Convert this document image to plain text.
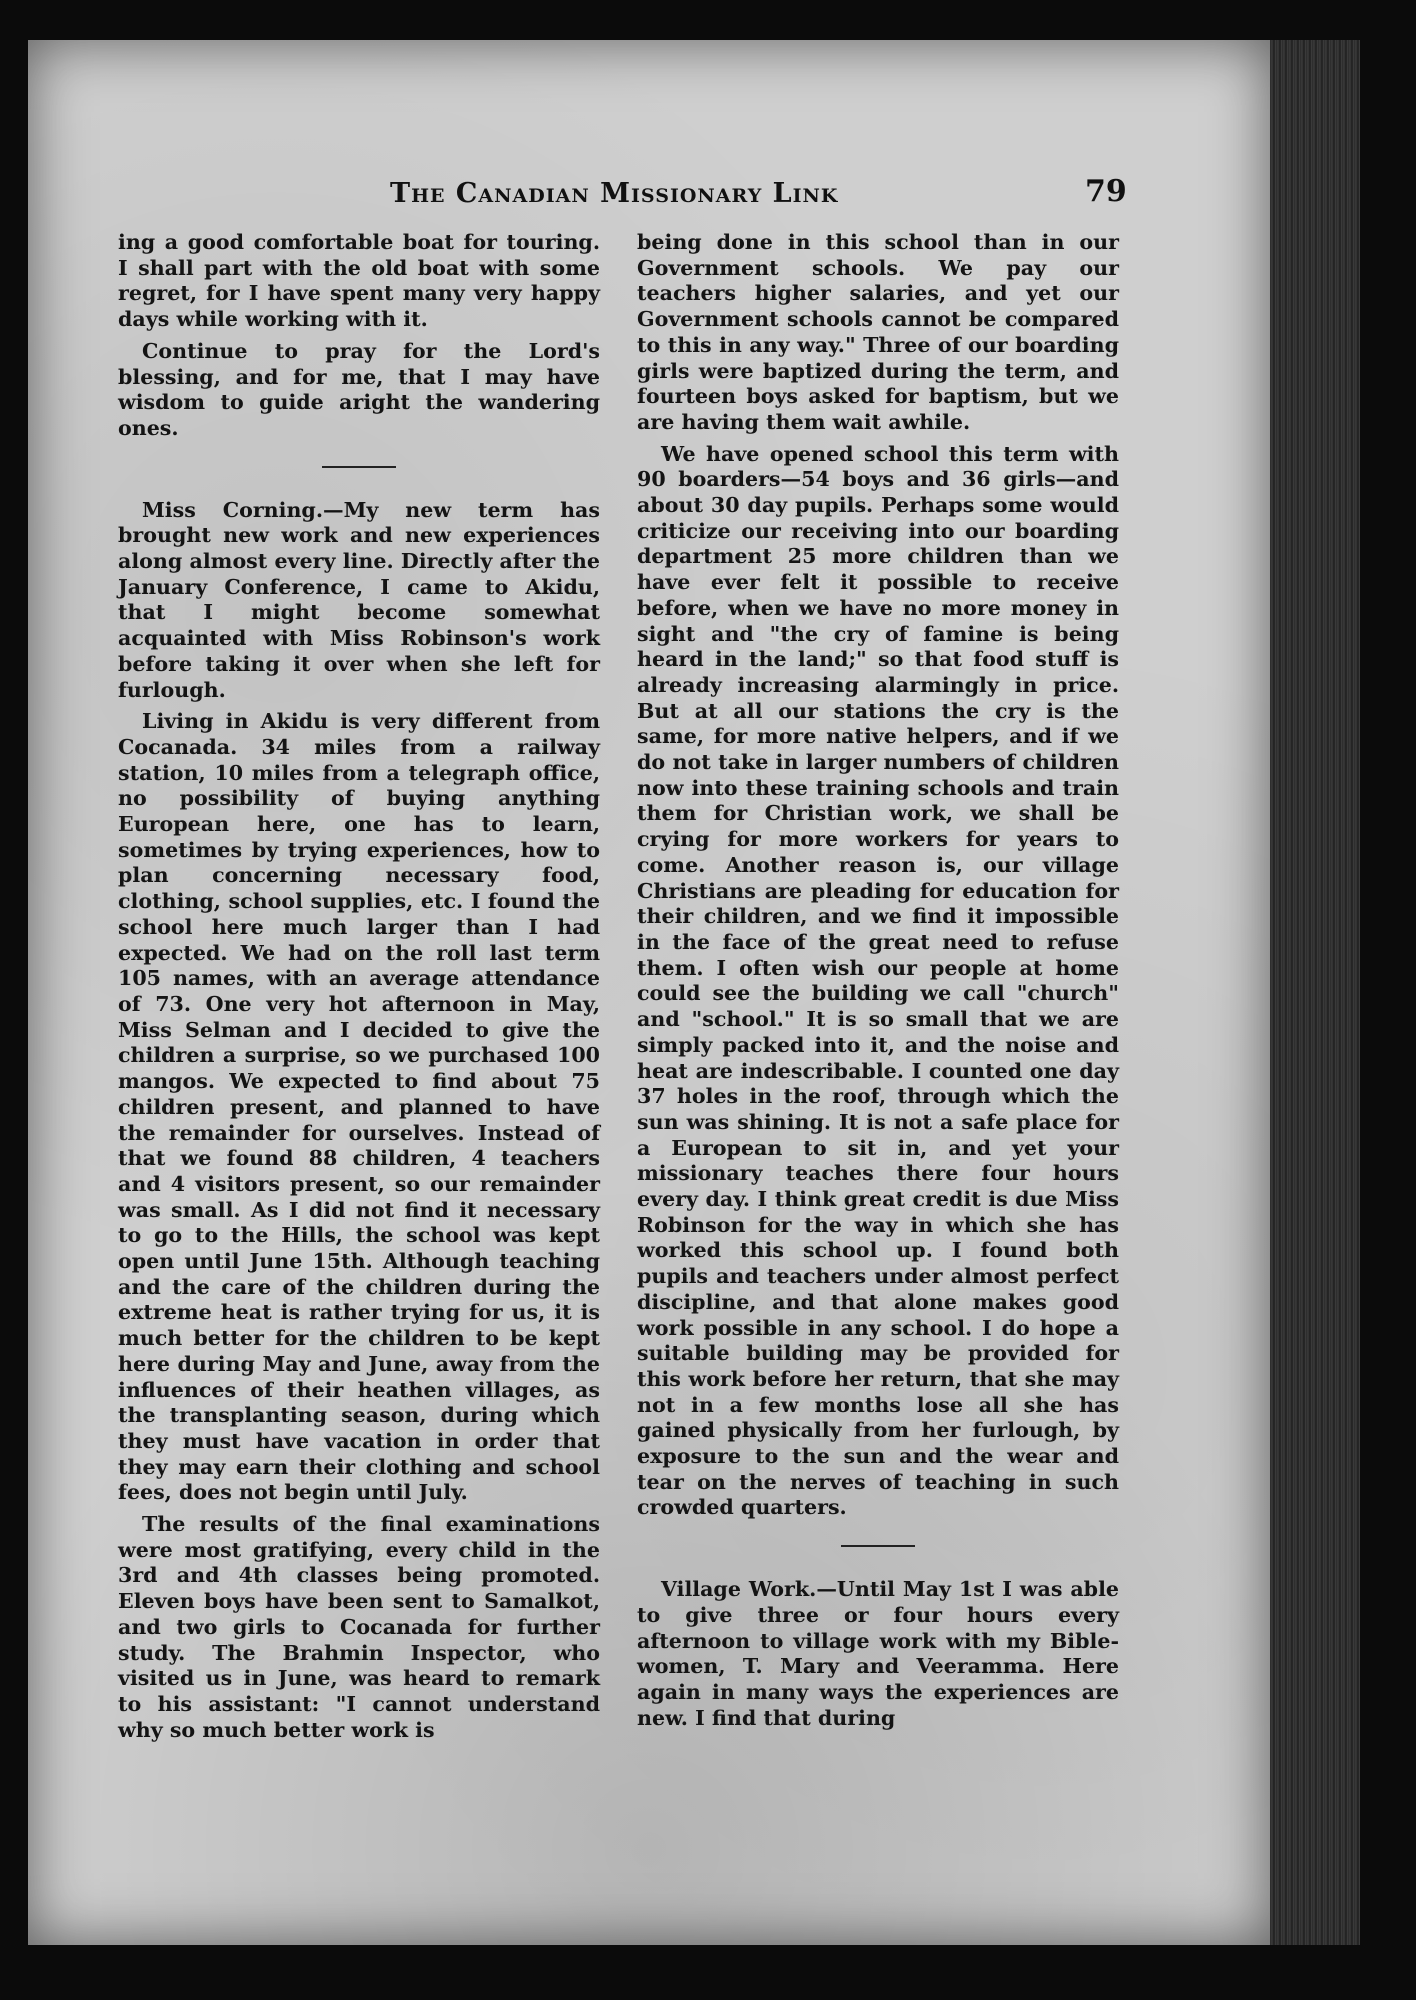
The Canadian Missionary Link	79

ing a good comfortable boat for touring. I shall part with the old boat with some regret, for I have spent many very happy days while working with it.

Continue to pray for the Lord's blessing, and for me, that I may have wisdom to guide aright the wandering ones.

Miss Corning.—My new term has brought new work and new experiences along almost every line. Directly after the January Conference, I came to Akidu, that I might become somewhat acquainted with Miss Robinson's work before taking it over when she left for furlough.

Living in Akidu is very different from Cocanada. 34 miles from a railway station, 10 miles from a telegraph office, no possibility of buying anything European here, one has to learn, sometimes by trying experiences, how to plan concerning necessary food, clothing, school supplies, etc. I found the school here much larger than I had expected. We had on the roll last term 105 names, with an average attendance of 73. One very hot afternoon in May, Miss Selman and I decided to give the children a surprise, so we purchased 100 mangos. We expected to find about 75 children present, and planned to have the remainder for ourselves. Instead of that we found 88 children, 4 teachers and 4 visitors present, so our remainder was small. As I did not find it necessary to go to the Hills, the school was kept open until June 15th. Although teaching and the care of the children during the extreme heat is rather trying for us, it is much better for the children to be kept here during May and June, away from the influences of their heathen villages, as the transplanting season, during which they must have vacation in order that they may earn their clothing and school fees, does not begin until July.

The results of the final examinations were most gratifying, every child in the 3rd and 4th classes being promoted. Eleven boys have been sent to Samalkot, and two girls to Cocanada for further study. The Brahmin Inspector, who visited us in June, was heard to remark to his assistant: "I cannot understand why so much better work is

being done in this school than in our Government schools. We pay our teachers higher salaries, and yet our Government schools cannot be compared to this in any way." Three of our boarding girls were baptized during the term, and fourteen boys asked for baptism, but we are having them wait awhile.

We have opened school this term with 90 boarders—54 boys and 36 girls—and about 30 day pupils. Perhaps some would criticize our receiving into our boarding department 25 more children than we have ever felt it possible to receive before, when we have no more money in sight and "the cry of famine is being heard in the land;" so that food stuff is already increasing alarmingly in price. But at all our stations the cry is the same, for more native helpers, and if we do not take in larger numbers of children now into these training schools and train them for Christian work, we shall be crying for more workers for years to come. Another reason is, our village Christians are pleading for education for their children, and we find it impossible in the face of the great need to refuse them. I often wish our people at home could see the building we call "church" and "school." It is so small that we are simply packed into it, and the noise and heat are indescribable. I counted one day 37 holes in the roof, through which the sun was shining. It is not a safe place for a European to sit in, and yet your missionary teaches there four hours every day. I think great credit is due Miss Robinson for the way in which she has worked this school up. I found both pupils and teachers under almost perfect discipline, and that alone makes good work possible in any school. I do hope a suitable building may be provided for this work before her return, that she may not in a few months lose all she has gained physically from her furlough, by exposure to the sun and the wear and tear on the nerves of teaching in such crowded quarters.

Village Work.—Until May 1st I was able to give three or four hours every afternoon to village work with my Bible-women, T. Mary and Veeramma. Here again in many ways the experiences are new. I find that during
